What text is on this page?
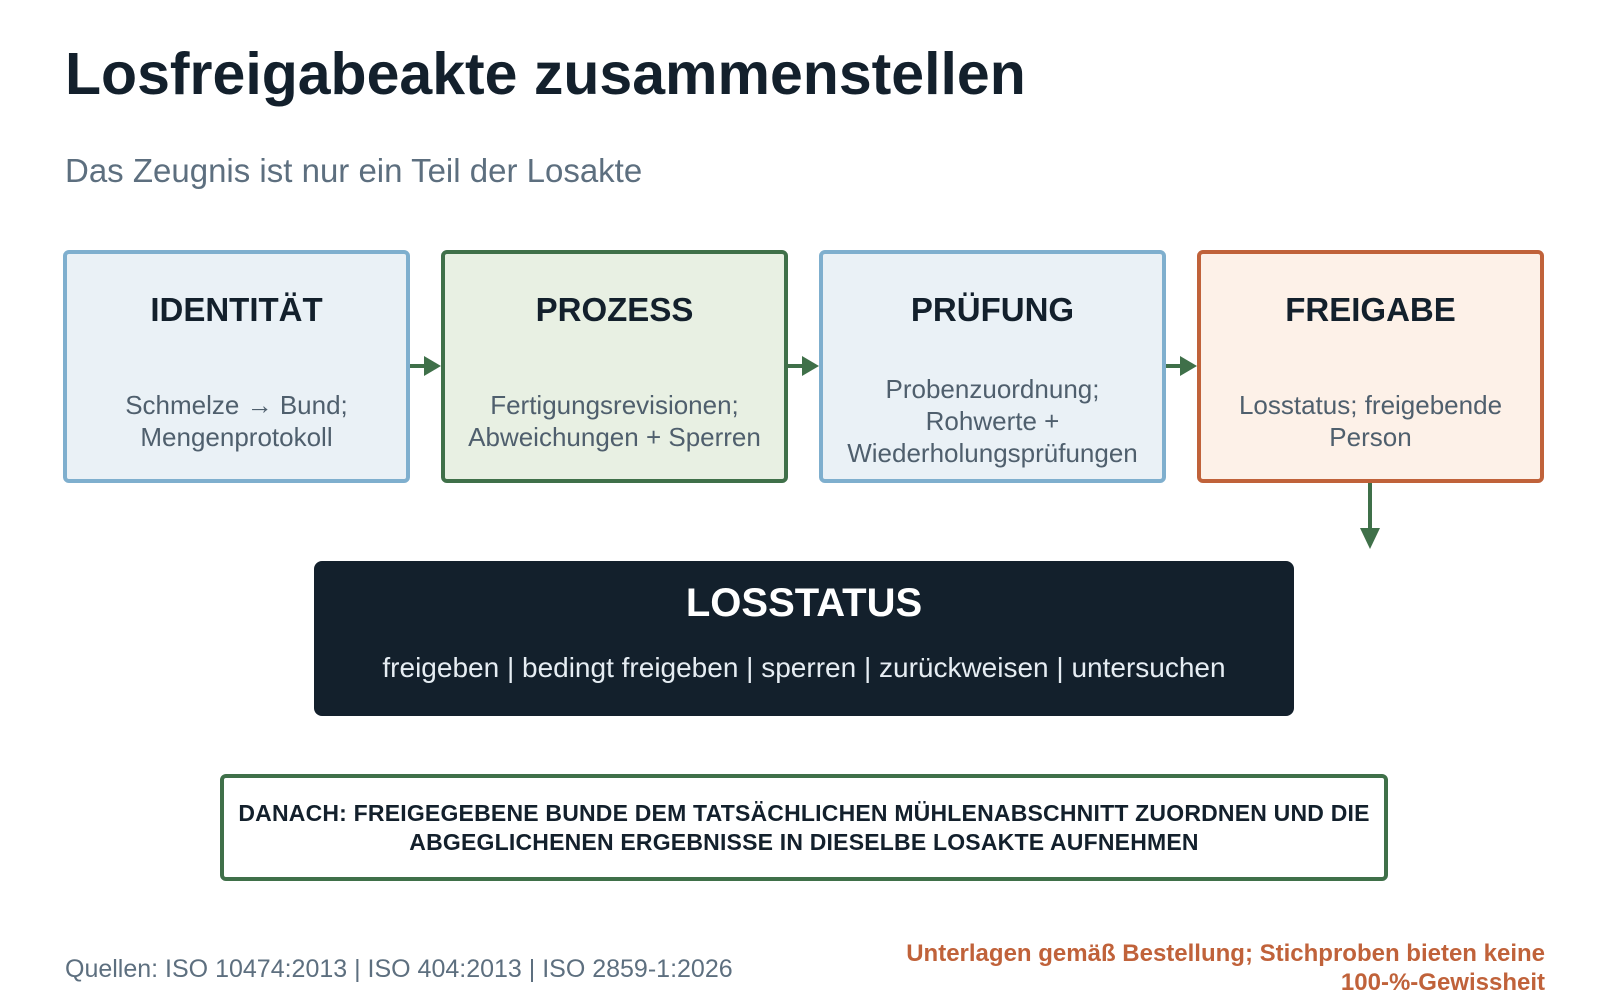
Losfreigabeakte zusammenstellen

Das Zeugnis ist nur ein Teil der Losakte

IDENTITÄT
Schmelze → Bund; Mengenprotokoll
PROZESS
Fertigungsrevisionen; Abweichungen + Sperren
PRÜFUNG
Probenzuordnung; Rohwerte + Wiederholungsprüfungen
FREIGABE
Losstatus; freigebende Person
LOSSTATUS
freigeben | bedingt freigeben | sperren | zurückweisen | untersuchen
DANACH: FREIGEGEBENE BUNDE DEM TATSÄCHLICHEN MÜHLENABSCHNITT ZUORDNEN UND DIE ABGEGLICHENEN ERGEBNISSE IN DIESELBE LOSAKTE AUFNEHMEN
Quellen: ISO 10474:2013 | ISO 404:2013 | ISO 2859-1:2026
Unterlagen gemäß Bestellung; Stichproben bieten keine 100-%-Gewissheit
